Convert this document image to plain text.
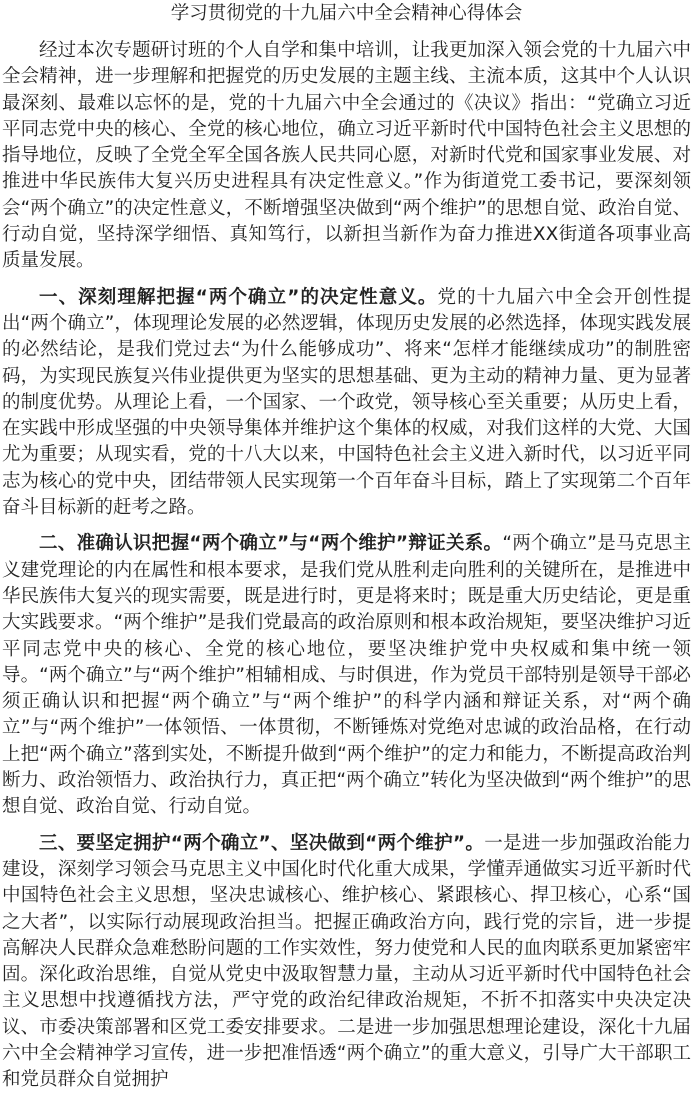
学习贯彻党的十九届六中全会精神心得体会

经过本次专题研讨班的个人自学和集中培训，让我更加深入领会党的十九届六中全会精神，进一步理解和把握党的历史发展的主题主线、主流本质，这其中个人认识最深刻、最难以忘怀的是，党的十九届六中全会通过的《决议》指出：“党确立习近平同志党中央的核心、全党的核心地位，确立习近平新时代中国特色社会主义思想的指导地位，反映了全党全军全国各族人民共同心愿，对新时代党和国家事业发展、对推进中华民族伟大复兴历史进程具有决定性意义。”作为街道党工委书记，要深刻领会“两个确立”的决定性意义，不断增强坚决做到“两个维护”的思想自觉、政治自觉、行动自觉，坚持深学细悟、真知笃行，以新担当新作为奋力推进XX街道各项事业高质量发展。

一、深刻理解把握“两个确立”的决定性意义。党的十九届六中全会开创性提出“两个确立”，体现理论发展的必然逻辑，体现历史发展的必然选择，体现实践发展的必然结论，是我们党过去“为什么能够成功”、将来“怎样才能继续成功”的制胜密码，为实现民族复兴伟业提供更为坚实的思想基础、更为主动的精神力量、更为显著的制度优势。从理论上看，一个国家、一个政党，领导核心至关重要；从历史上看，在实践中形成坚强的中央领导集体并维护这个集体的权威，对我们这样的大党、大国尤为重要；从现实看，党的十八大以来，中国特色社会主义进入新时代，以习近平同志为核心的党中央，团结带领人民实现第一个百年奋斗目标，踏上了实现第二个百年奋斗目标新的赶考之路。

二、准确认识把握“两个确立”与“两个维护”辩证关系。“两个确立”是马克思主义建党理论的内在属性和根本要求，是我们党从胜利走向胜利的关键所在，是推进中华民族伟大复兴的现实需要，既是进行时，更是将来时；既是重大历史结论，更是重大实践要求。“两个维护”是我们党最高的政治原则和根本政治规矩，要坚决维护习近平同志党中央的核心、全党的核心地位，要坚决维护党中央权威和集中统一领导。“两个确立”与“两个维护”相辅相成、与时俱进，作为党员干部特别是领导干部必须正确认识和把握“两个确立”与“两个维护”的科学内涵和辩证关系，对“两个确立”与“两个维护”一体领悟、一体贯彻，不断锤炼对党绝对忠诚的政治品格，在行动上把“两个确立”落到实处，不断提升做到“两个维护”的定力和能力，不断提高政治判断力、政治领悟力、政治执行力，真正把“两个确立”转化为坚决做到“两个维护”的思想自觉、政治自觉、行动自觉。

三、要坚定拥护“两个确立”、坚决做到“两个维护”。一是进一步加强政治能力建设，深刻学习领会马克思主义中国化时代化重大成果，学懂弄通做实习近平新时代中国特色社会主义思想，坚决忠诚核心、维护核心、紧跟核心、捍卫核心，心系“国之大者”，以实际行动展现政治担当。把握正确政治方向，践行党的宗旨，进一步提高解决人民群众急难愁盼问题的工作实效性，努力使党和人民的血肉联系更加紧密牢固。深化政治思维，自觉从党史中汲取智慧力量，主动从习近平新时代中国特色社会主义思想中找遵循找方法，严守党的政治纪律政治规矩，不折不扣落实中央决定决议、市委决策部署和区党工委安排要求。二是进一步加强思想理论建设，深化十九届六中全会精神学习宣传，进一步把准悟透“两个确立”的重大意义，引导广大干部职工和党员群众自觉拥护
